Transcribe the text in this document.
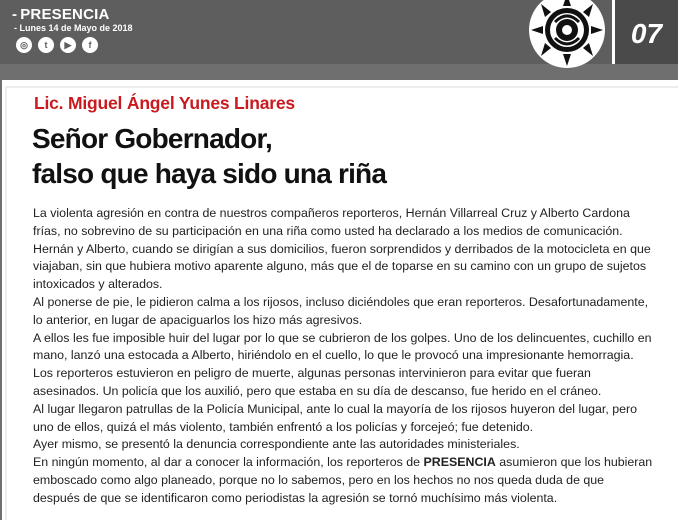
- PRESENCIA
- Lunes 14 de Mayo de 2018
◎	t	▶	f	07
Lic. Miguel Ángel Yunes Linares
Señor Gobernador,
falso que haya sido una riña

La violenta agresión en contra de nuestros compañeros reporteros, Hernán Villarreal Cruz y Alberto Cardona frías, no sobrevino de su participación en una riña como usted ha declarado a los medios de comunicación.

Hernán y Alberto, cuando se dirigían a sus domicilios, fueron sorprendidos y derribados de la motocicleta en que viajaban, sin que hubiera motivo aparente alguno, más que el de toparse en su camino con un grupo de sujetos intoxicados y alterados.

Al ponerse de pie, le pidieron calma a los rijosos, incluso diciéndoles que eran reporteros. Desafortunadamente, lo anterior, en lugar de apaciguarlos los hizo más agresivos.

A ellos les fue imposible huir del lugar por lo que se cubrieron de los golpes. Uno de los delincuentes, cuchillo en mano, lanzó una estocada a Alberto, hiriéndolo en el cuello, lo que le provocó una impresionante hemorragia.

Los reporteros estuvieron en peligro de muerte, algunas personas intervinieron para evitar que fueran asesinados. Un policía que los auxilió, pero que estaba en su día de descanso, fue herido en el cráneo.

Al lugar llegaron patrullas de la Policía Municipal, ante lo cual la mayoría de los rijosos huyeron del lugar, pero uno de ellos, quizá el más violento, también enfrentó a los policías y forcejeó; fue detenido.

Ayer mismo, se presentó la denuncia correspondiente ante las autoridades ministeriales.

En ningún momento, al dar a conocer la información, los reporteros de PRESENCIA asumieron que los hubieran emboscado como algo planeado, porque no lo sabemos, pero en los hechos no nos queda duda de que después de que se identificaron como periodistas la agresión se tornó muchísimo más violenta.
